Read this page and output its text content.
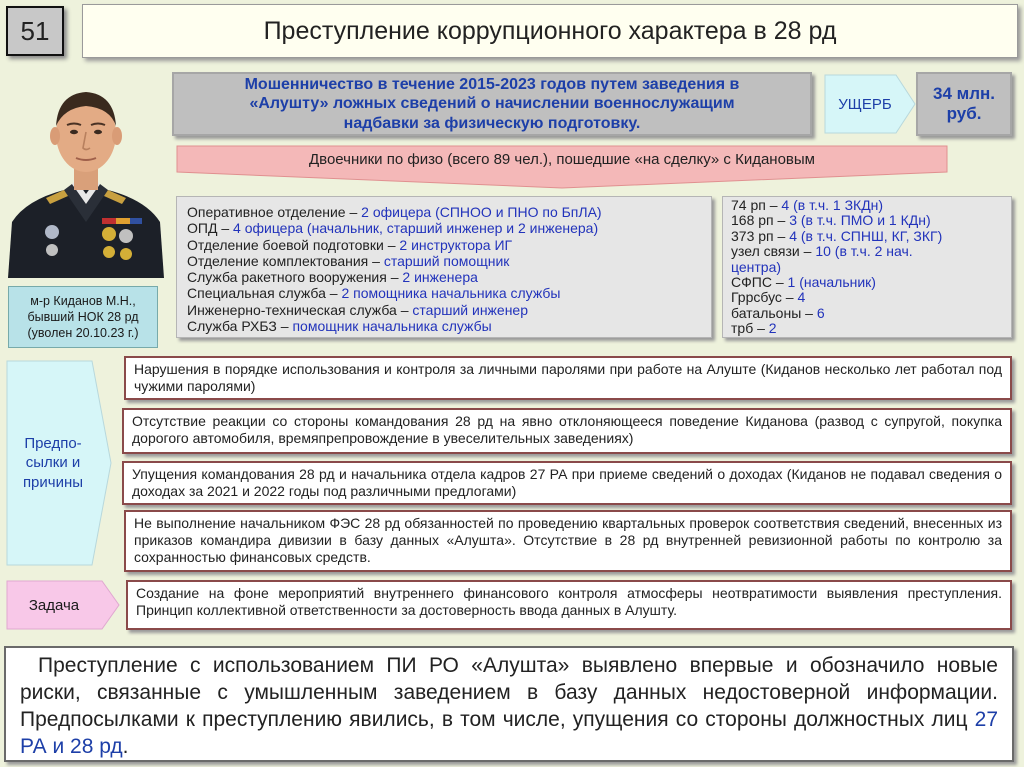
51	Преступление коррупционного характера в 28 рд
м-р Киданов М.Н.,
бывший НОК 28 рд
(уволен 20.10.23 г.)
Мошенничество в течение 2015-2023 годов путем заведения в
«Алушту» ложных сведений о начислении военнослужащим
надбавки за физическую подготовку.
УЩЕРБ
34 млн.
руб.
Двоечники по физо (всего 89 чел.), пошедшие «на сделку» с Кидановым
Оперативное отделение – 2 офицера (СПНОО и ПНО по БпЛА)
ОПД – 4 офицера (начальник, старший инженер и 2 инженера)
Отделение боевой подготовки – 2 инструктора ИГ
Отделение комплектования – старший помощник
Служба ракетного вооружения – 2 инженера
Специальная служба – 2 помощника начальника службы
Инженерно-техническая служба – старший инженер
Служба РХБЗ – помощник начальника службы
74 рп – 4 (в т.ч. 1 ЗКДн)
168 рп – 3 (в т.ч. ПМО и 1 КДн)
373 рп – 4 (в т.ч. СПНШ, КГ, ЗКГ)
узел связи – 10 (в т.ч. 2 нач.
центра)
СФПС – 1 (начальник)
Гррсбус – 4
батальоны – 6
трб – 2
Предпо-
сылки и
причины
Нарушения в порядке использования и контроля за личными паролями при работе на Алуште (Киданов несколько лет работал под чужими паролями)
Отсутствие реакции со стороны командования 28 рд на явно отклоняющееся поведение Киданова (развод с супругой, покупка дорогого автомобиля, времяпрепровождение в увеселительных заведениях)
Упущения командования 28 рд и начальника отдела кадров 27 РА при приеме сведений о доходах (Киданов не подавал сведения о доходах за 2021 и 2022 годы под различными предлогами)
Не выполнение начальником ФЭС 28 рд обязанностей по проведению квартальных проверок соответствия сведений, внесенных из приказов командира дивизии в базу данных «Алушта». Отсутствие в 28 рд внутренней ревизионной работы по контролю за сохранностью финансовых средств.
Задача
Создание на фоне мероприятий внутреннего финансового контроля атмосферы неотвратимости выявления преступления. Принцип коллективной ответственности за достоверность ввода данных в Алушту.
Преступление с использованием ПИ РО «Алушта» выявлено впервые и обозначило новые риски, связанные с умышленным заведением в базу данных недостоверной информации. Предпосылками к преступлению явились, в том числе, упущения со стороны должностных лиц 27 РА и 28 рд.
